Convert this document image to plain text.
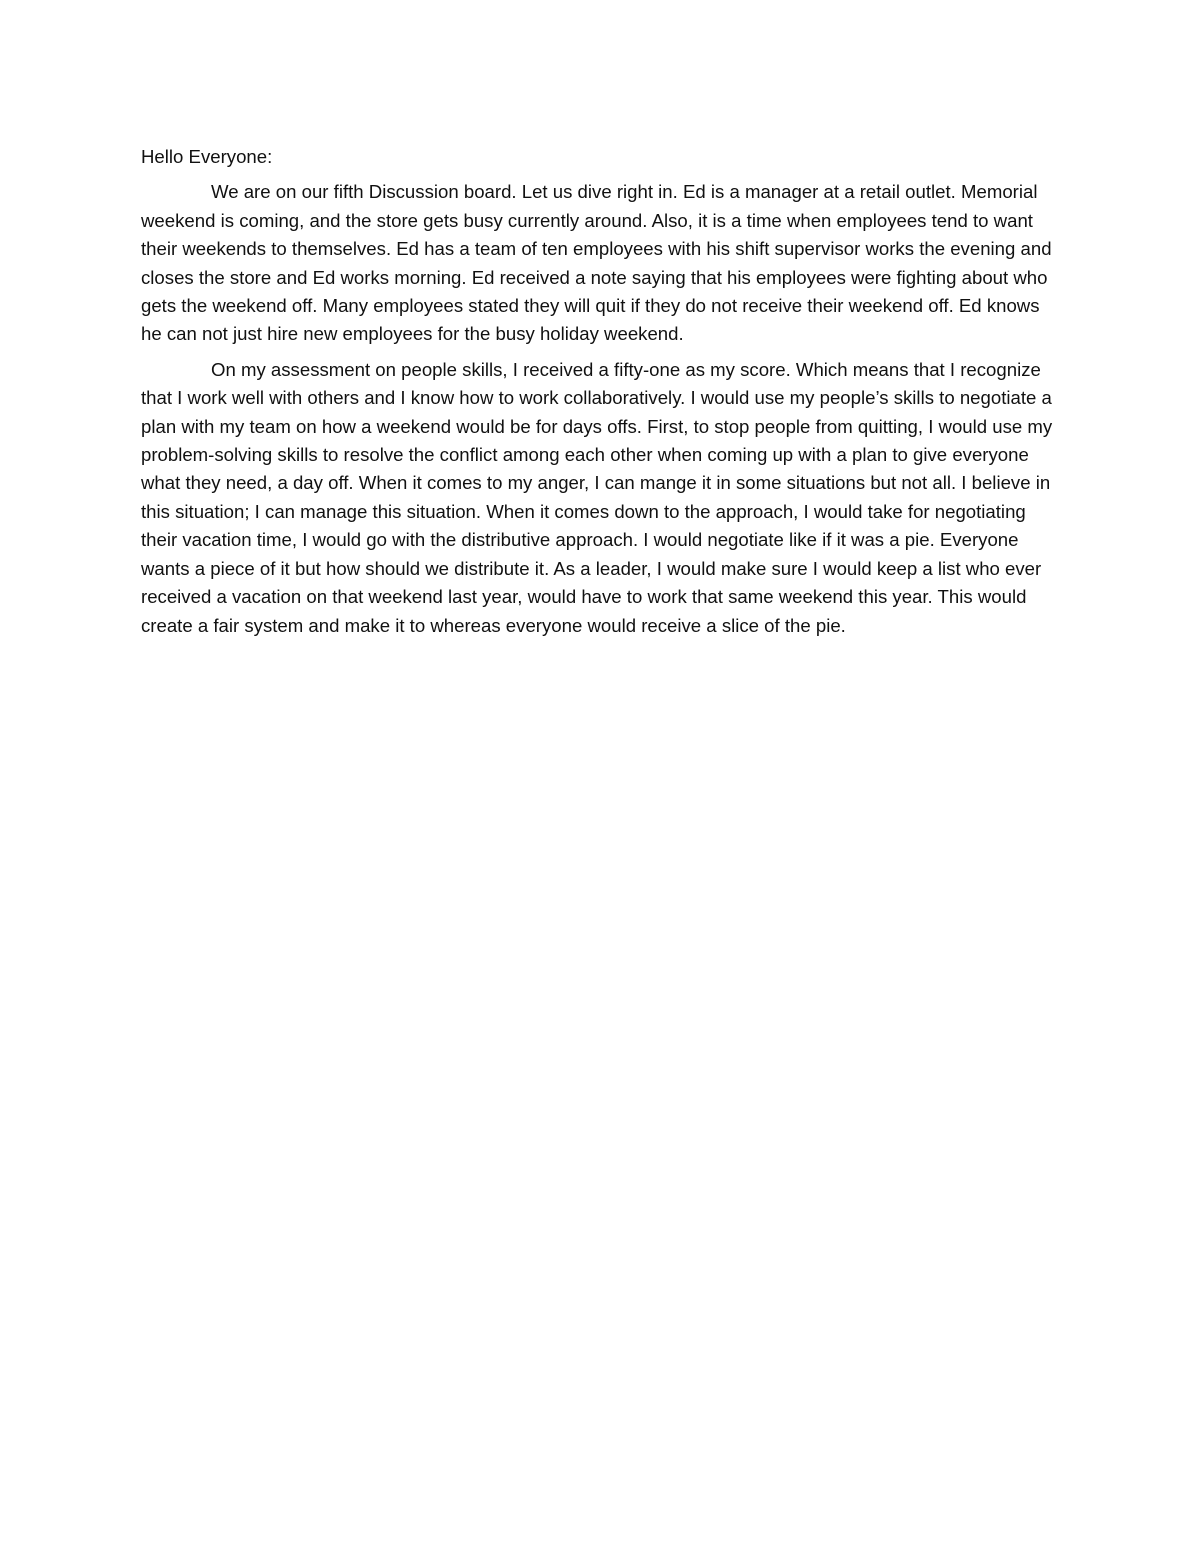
Hello Everyone:

We are on our fifth Discussion board. Let us dive right in. Ed is a manager at a retail outlet. Memorial weekend is coming, and the store gets busy currently around. Also, it is a time when employees tend to want their weekends to themselves. Ed has a team of ten employees with his shift supervisor works the evening and closes the store and Ed works morning. Ed received a note saying that his employees were fighting about who gets the weekend off. Many employees stated they will quit if they do not receive their weekend off. Ed knows he can not just hire new employees for the busy holiday weekend.

On my assessment on people skills, I received a fifty-one as my score. Which means that I recognize that I work well with others and I know how to work collaboratively. I would use my people’s skills to negotiate a plan with my team on how a weekend would be for days offs. First, to stop people from quitting, I would use my problem-solving skills to resolve the conflict among each other when coming up with a plan to give everyone what they need, a day off. When it comes to my anger, I can mange it in some situations but not all. I believe in this situation; I can manage this situation. When it comes down to the approach, I would take for negotiating their vacation time, I would go with the distributive approach. I would negotiate like if it was a pie. Everyone wants a piece of it but how should we distribute it. As a leader, I would make sure I would keep a list who ever received a vacation on that weekend last year, would have to work that same weekend this year. This would create a fair system and make it to whereas everyone would receive a slice of the pie.
